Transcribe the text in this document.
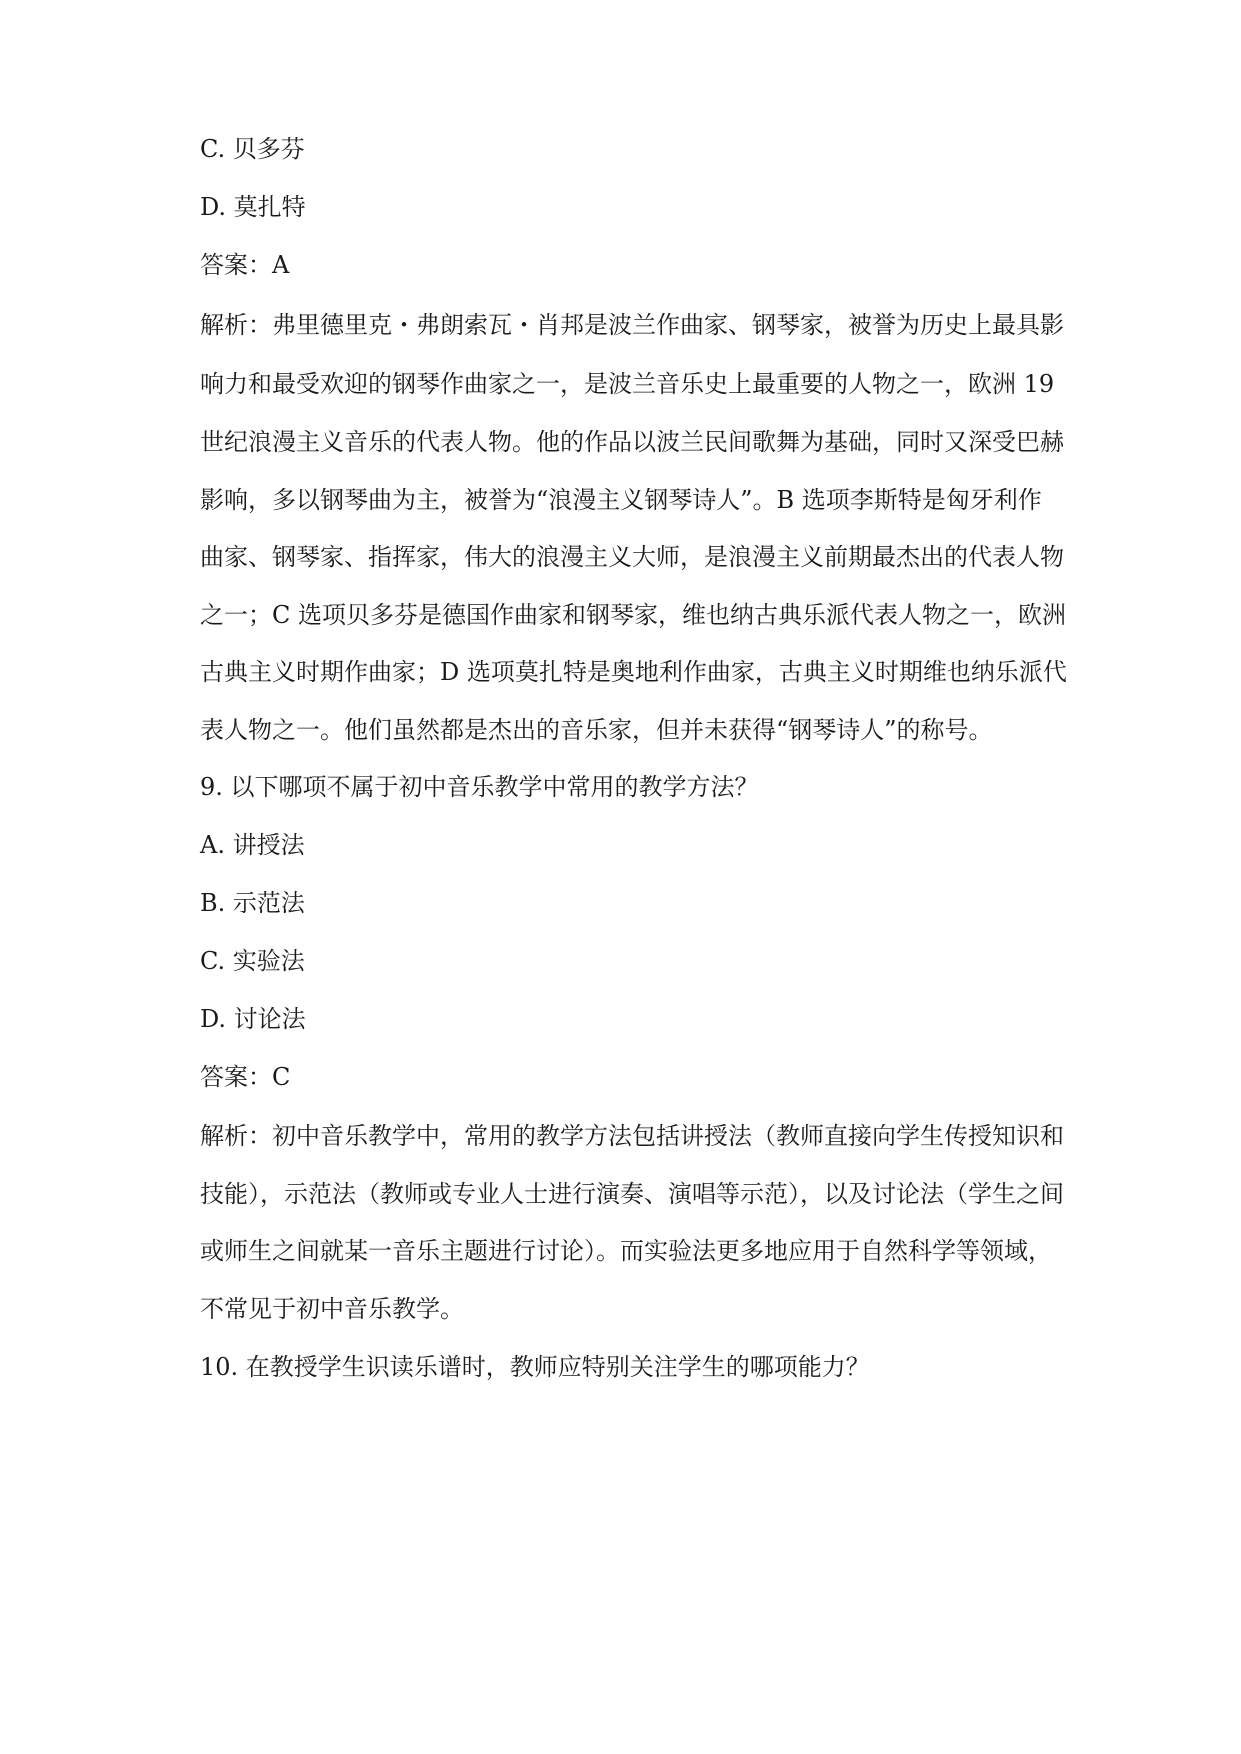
C. 贝多芬
D. 莫扎特
答案：A
解析：弗里德里克・弗朗索瓦・肖邦是波兰作曲家、钢琴家，被誉为历史上最具影
响力和最受欢迎的钢琴作曲家之一，是波兰音乐史上最重要的人物之一，欧洲 19
世纪浪漫主义音乐的代表人物。他的作品以波兰民间歌舞为基础，同时又深受巴赫
影响，多以钢琴曲为主，被誉为“浪漫主义钢琴诗人”。B 选项李斯特是匈牙利作
曲家、钢琴家、指挥家，伟大的浪漫主义大师，是浪漫主义前期最杰出的代表人物
之一；C 选项贝多芬是德国作曲家和钢琴家，维也纳古典乐派代表人物之一，欧洲
古典主义时期作曲家；D 选项莫扎特是奥地利作曲家，古典主义时期维也纳乐派代
表人物之一。他们虽然都是杰出的音乐家，但并未获得“钢琴诗人”的称号。
9. 以下哪项不属于初中音乐教学中常用的教学方法？
A. 讲授法
B. 示范法
C. 实验法
D. 讨论法
答案：C
解析：初中音乐教学中，常用的教学方法包括讲授法（教师直接向学生传授知识和
技能），示范法（教师或专业人士进行演奏、演唱等示范），以及讨论法（学生之间
或师生之间就某一音乐主题进行讨论）。而实验法更多地应用于自然科学等领域，
不常见于初中音乐教学。
10. 在教授学生识读乐谱时，教师应特别关注学生的哪项能力？
